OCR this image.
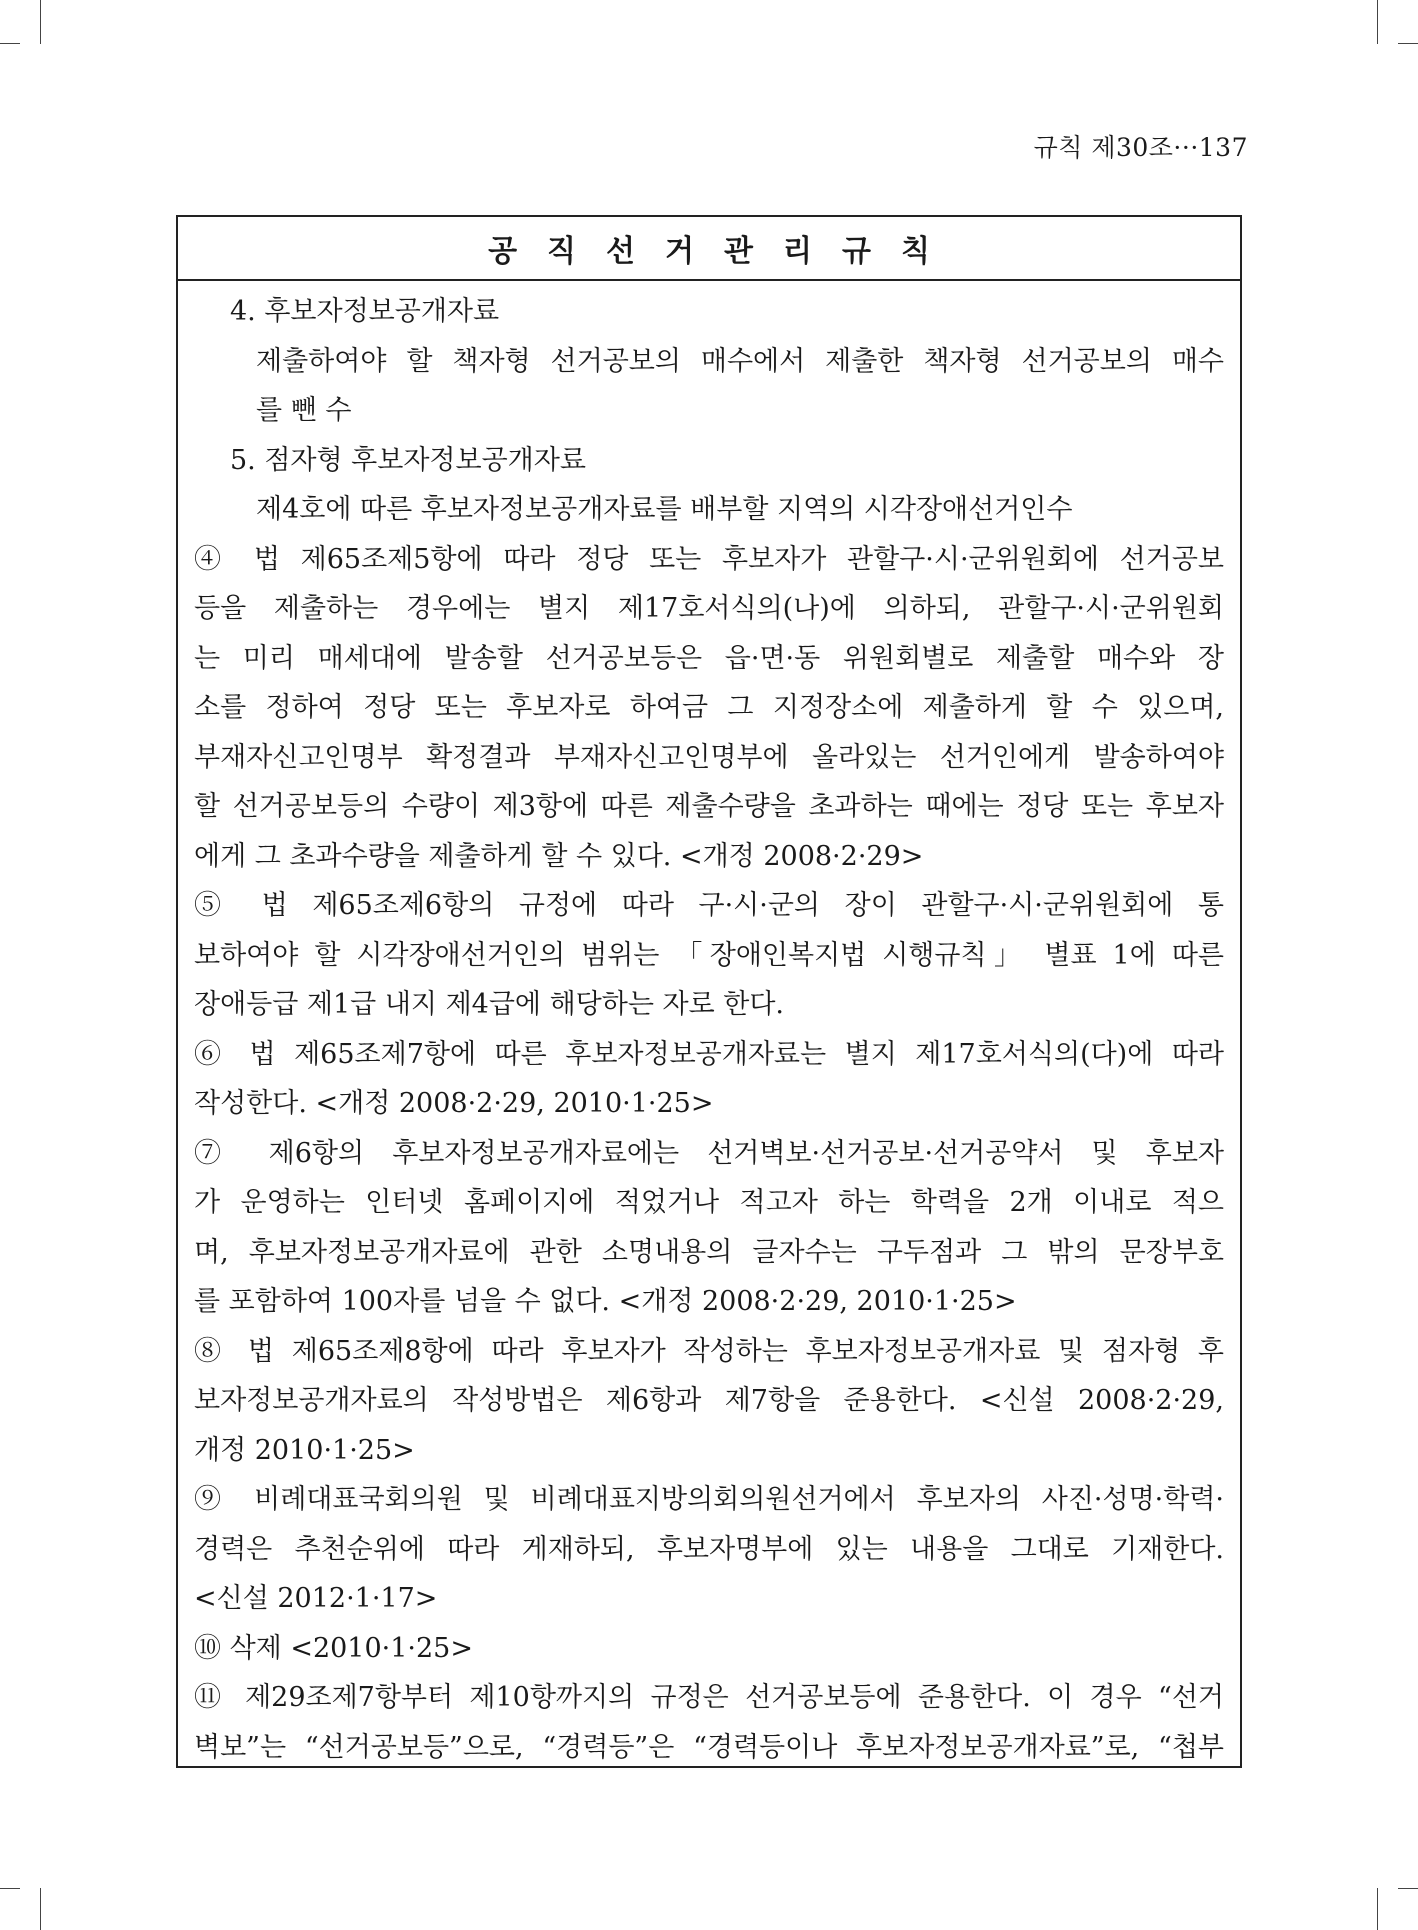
규칙 제30조···137
공직선거관리규칙
4. 후보자정보공개자료
제출하여야 할 책자형 선거공보의 매수에서 제출한 책자형 선거공보의 매수
를 뺀 수
5. 점자형 후보자정보공개자료
제4호에 따른 후보자정보공개자료를 배부할 지역의 시각장애선거인수
④ 법 제65조제5항에 따라 정당 또는 후보자가 관할구·시·군위원회에 선거공보
등을 제출하는 경우에는 별지 제17호서식의(나)에 의하되, 관할구·시·군위원회
는 미리 매세대에 발송할 선거공보등은 읍·면·동 위원회별로 제출할 매수와 장
소를 정하여 정당 또는 후보자로 하여금 그 지정장소에 제출하게 할 수 있으며,
부재자신고인명부 확정결과 부재자신고인명부에 올라있는 선거인에게 발송하여야
할 선거공보등의 수량이 제3항에 따른 제출수량을 초과하는 때에는 정당 또는 후보자
에게 그 초과수량을 제출하게 할 수 있다. <개정 2008·2·29>
⑤ 법 제65조제6항의 규정에 따라 구·시·군의 장이 관할구·시·군위원회에 통
보하여야 할 시각장애선거인의 범위는 「장애인복지법 시행규칙」 별표 1에 따른
장애등급 제1급 내지 제4급에 해당하는 자로 한다.
⑥ 법 제65조제7항에 따른 후보자정보공개자료는 별지 제17호서식의(다)에 따라
작성한다. <개정 2008·2·29, 2010·1·25>
⑦ 제6항의 후보자정보공개자료에는 선거벽보·선거공보·선거공약서 및 후보자
가 운영하는 인터넷 홈페이지에 적었거나 적고자 하는 학력을 2개 이내로 적으
며, 후보자정보공개자료에 관한 소명내용의 글자수는 구두점과 그 밖의 문장부호
를 포함하여 100자를 넘을 수 없다. <개정 2008·2·29, 2010·1·25>
⑧ 법 제65조제8항에 따라 후보자가 작성하는 후보자정보공개자료 및 점자형 후
보자정보공개자료의 작성방법은 제6항과 제7항을 준용한다. <신설 2008·2·29,
개정 2010·1·25>
⑨ 비례대표국회의원 및 비례대표지방의회의원선거에서 후보자의 사진·성명·학력·
경력은 추천순위에 따라 게재하되, 후보자명부에 있는 내용을 그대로 기재한다.
<신설 2012·1·17>
⑩ 삭제 <2010·1·25>
⑪ 제29조제7항부터 제10항까지의 규정은 선거공보등에 준용한다. 이 경우 “선거
벽보”는 “선거공보등”으로, “경력등”은 “경력등이나 후보자정보공개자료”로, “첩부
